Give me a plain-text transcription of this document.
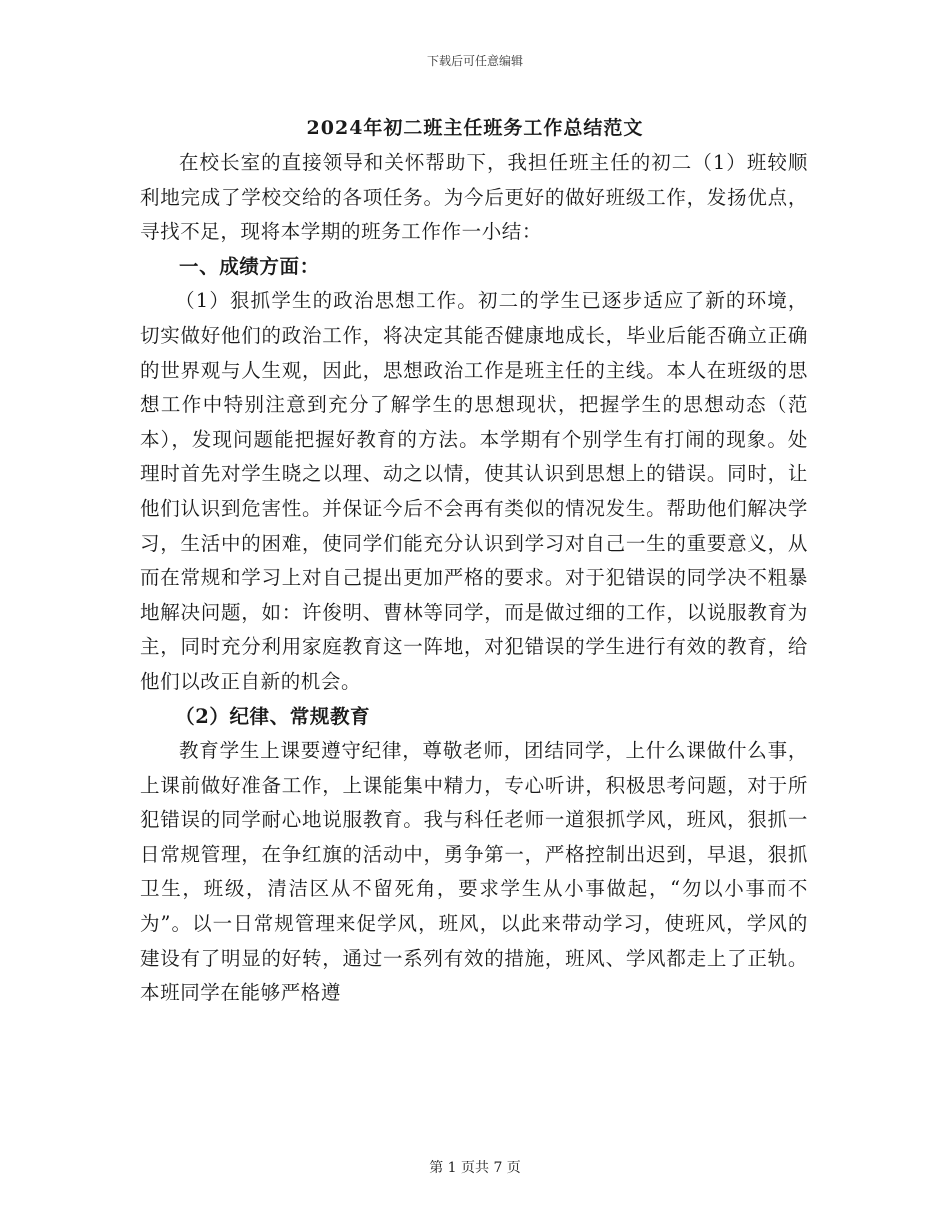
下载后可任意编辑
2024年初二班主任班务工作总结范文

在校长室的直接领导和关怀帮助下，我担任班主任的初二（1）班较顺利地完成了学校交给的各项任务。为今后更好的做好班级工作，发扬优点，寻找不足，现将本学期的班务工作作一小结：

一、成绩方面：

（1）狠抓学生的政治思想工作。初二的学生已逐步适应了新的环境，切实做好他们的政治工作，将决定其能否健康地成长，毕业后能否确立正确的世界观与人生观，因此，思想政治工作是班主任的主线。本人在班级的思想工作中特别注意到充分了解学生的思想现状，把握学生的思想动态（范本），发现问题能把握好教育的方法。本学期有个别学生有打闹的现象。处理时首先对学生晓之以理、动之以情，使其认识到思想上的错误。同时，让他们认识到危害性。并保证今后不会再有类似的情况发生。帮助他们解决学习，生活中的困难，使同学们能充分认识到学习对自己一生的重要意义，从而在常规和学习上对自己提出更加严格的要求。对于犯错误的同学决不粗暴地解决问题，如：许俊明、曹林等同学，而是做过细的工作，以说服教育为主，同时充分利用家庭教育这一阵地，对犯错误的学生进行有效的教育，给他们以改正自新的机会。

（2）纪律、常规教育

教育学生上课要遵守纪律，尊敬老师，团结同学，上什么课做什么事，上课前做好准备工作，上课能集中精力，专心听讲，积极思考问题，对于所犯错误的同学耐心地说服教育。我与科任老师一道狠抓学风，班风，狠抓一日常规管理，在争红旗的活动中，勇争第一，严格控制出迟到，早退，狠抓卫生，班级，清洁区从不留死角，要求学生从小事做起，“勿以小事而不为”。以一日常规管理来促学风，班风，以此来带动学习，使班风，学风的建设有了明显的好转，通过一系列有效的措施，班风、学风都走上了正轨。本班同学在能够严格遵

第 1 页共 7 页
